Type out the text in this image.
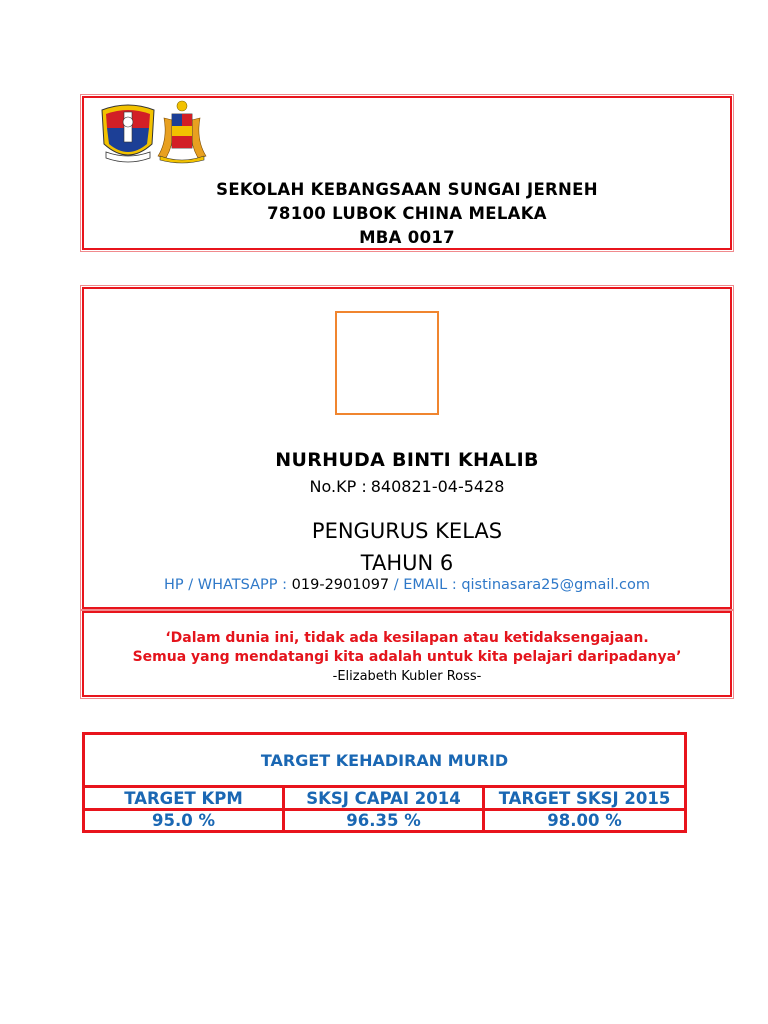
SEKOLAH KEBANGSAAN SUNGAI JERNEH
78100 LUBOK CHINA MELAKA
MBA 0017
NURHUDA BINTI KHALIB
No.KP : 840821-04-5428
PENGURUS KELAS
TAHUN 6
HP / WHATSAPP : 019-2901097 / EMAIL : qistinasara25@gmail.com
‘Dalam dunia ini, tidak ada kesilapan atau ketidaksengajaan.
Semua yang mendatangi kita adalah untuk kita pelajari daripadanya’
-Elizabeth Kubler Ross-
TARGET KEHADIRAN MURID		
TARGET KPM	SKSJ CAPAI 2014	TARGET SKSJ 2015
95.0 %	96.35 %	98.00 %
